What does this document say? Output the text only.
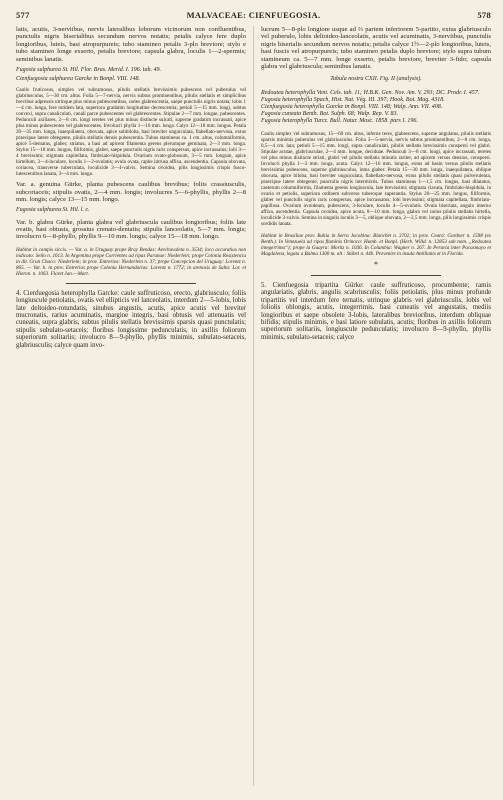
MALVACEAE: CIENFUEGOSIA.
577	578

latis, acutis, 3-nerviibus, nervis lateralibus loborum vicinorum non confluentibus, punctulis nigris biserialibus secundum nervos notatis; petalis calyce fere duplo longioribus, luteis, basi atropurpureis; tubo stamineo petalis 3-plo breviore; stylo e tubo stamineo longe exserto, petalis breviore; capsula glabra, loculis 1—2-spermis; seminibus lanatis.

Fugosia sulphurea St. Hil. Flor. Bras. Merid. I. 196. tab. 49.

Cienfuegosia sulphurea Garcke in Bonpl. VIII. 148.

Caulis fruticosus, simplex vel subramosus, pilulis stellatis brevissimis pubescens vel puberulus vel glabriusculus, 5—30 cm. altus. Folia 5—7-nervia, nervis subtus prominentibus, pilulis stellatis et simplicibus brevibus adpressis utrinque plus minus pubescentibus, raries glabrescentia, saepe punctulis nigris notata; lobis 1—4 cm. longa, fere totidem lata, superiora gradatim longitudine decrescentia; petioli 5—15 mm. longi, subtus convexi, supra canaliculati, canali parce pubescentes vel glabrescentes. Stipulae 2—7 mm. longae, pubescentes. Pedunculi axillares, 2—8 cm. longi teretes vel plus minus distincte sulcati, superne gradatim incrassati, apice plus minus pubescentes vel glabrescentes. Involucri phylla 1—10 mm. longa. Calyx 12—18 mm. longus. Petala 20—35 mm. longa, inaequilatera, obovata, apice subbiloba, basi breviter unguiculata, flabellato-nervosa, extus praecipue latere obtegente, pilulis stellatis densis pubescentia. Tubus stamineus ca. 1 cm. altus, columniformis, apice 5-dentatus, glaber, striatus, a basi ad apicem filamenta gerens plerumque geminata, 2—3 mm. longa. Stylus 15—18 mm. longus, filiformis, glaber, saepe punctulis nigris raris conspersus, apice incrassatus; lobi 3—4 brevissimi; stigmata capitellata, fimbriato-hispidula. Ovarium ovato-globosum, 3—5 mm. longum, apice hirtellum, 3—4-loculare, loculis 1—2-ovulatis; ovula ovata, raphe intrusa affixa, ascendentia. Capsula obovata, coriacea, transverse tuberculata, loculicide 3—4-valvis. Semina ovoidea, pilis longissimis crispis fusco-lutescentibus lanata, 3—4 mm. longa.

Var. a. genuina Gürke, planta pubescens caulibus brevibus; foliis crassiusculis, subcoriaceis; stipulis ovatis, 2—4 mm. longis; involucres 5—6-phyllis, phyllis 2—8 mm. longis; calyce 13—15 mm. longo.

Fugosia sulphurea St. Hil. l. c.

Var. b. glabra Gürke, planta glabra vel glabriuscula caulibus longioribus; foliis late ovatis, basi obtusis, grossius crenato-dentatis; stipulis lanceolatis, 5—7 mm. longis; involucro 6—8-phyllo, phyllis 9—10 mm. longis; calyce 15—18 mm. longo.

Habitat in campis siccis. — Var. a. in Uruguay prope Bray Bendas: Arechavaleta n. 3534; loco accuratius non indicato: Sello n. 1613. In Argentina prope Corrientes ad ripas Paranae: Niederlein; prope Colonia Resistencia in dit. Gran Chaco: Niederlein; in prov. Entrerios: Niederlein n. 37; prope Concepcion del Uruguay: Lorentz n. 865. — Var. b. in prov. Entrerios prope Colonia Hernandarias: Lorentz n. 1772; in arenosis de Salta: Lor. et Hieron. n. 1063. Floret Jan.—Mart.

4. Cienfuegosia heterophylla Garcke: caule suffruticoso, erecto, glabriusculo; foliis longiuscule petiolatis, ovatis vel ellipticis vel lanceolatis, interdum 2—5-lobis, lobis late deltoideo-rotundatis, sinubus angustis, acutis, apice acutis vel breviter mucronatis, rarius acuminatis, margine integris, basi obtusis vel attenuatis vel cuneatis, supra glabris, subtus pilulis stellatis brevissimis sparsis quasi punctulatis; stipulis subulato-setaceis; floribus longissime pedunculatis, in axillis foliorum superiorum solitariis; involucro 8—9-phyllo, phyllis minimis, subulato-setaceis, glabriusculis; calyce quam invo-

lucrum 5—8-plo longiore usque ad ⅔ partem inferiorem 5-partito, extus glabriusculo vel puberulo, lobis deltoideo-lanceolatis, acutis vel acuminatis, 3-nerviibus, punctulis nigris biserialis secundum nervos notatis; petalis calyce 1½—2-plo longioribus, luteis, basi fuscis vel atropurpureis; tubo stamineo petalis duplo breviore; stylo supra tubum stamineum ca. 5—7 mm. longe exserto, petalis breviore, breviter 3-fido; capsula glabra vel glabriuscula; seminibus lanatis.

Tabula nostra CXII. Fig. II (analysis).

Redoutea heterophylla Vent. Cels. tab. 11; H.B.K. Gen. Nov. Am. V. 293; DC. Prodr. I. 457.
Fugosia heterophylla Spach, Hist. Nat. Vég. III. 397; Hook. Bot. Mag. 4318.
Cienfuegosia heterophylla Garcke in Bonpl. VIII. 148; Walp. Ann. VII. 408.
Fugosia cuneata Benth. Bot. Sulph. 68; Walp. Rep. V. 83.
Fugosia heterophylla Turcz. Bull. Natur. Mosc. 1858. pars I. 196.

Caulis simplex vel subramosus, 15—60 cm. altus, inferne teres, glabrescens, superne angulatus, pilulis stellatis sparsis minimis puberulus vel glabriusculus. Folia 3—5-nervia, nervis subtus prominentibus, 2—8 cm. longa, 0,5—4 cm. lata; petioli 5—15 mm. longi, supra canaliculati, pilulis stellatis brevissimis conspersi vel glabri. Stipulae acutae, glabriusculae, 2—4 mm. longae, deciduae. Pedunculi 3—8 cm. longi, apice incrassati, teretes vel plus minus distincte striati, glabri vel pilulis stellatis minutis rariter, ad apicem versus densius, conspersi. Involucri phylla 1—3 mm. longa, acuta. Calyx 12—16 mm. longus, extus ad basin versus pilulis stellatis brevissimis pubescens, superne glabriusculus, intus glaber. Petala 15—30 mm. longa, inaequilatera, oblique obovata, apice biloba, basi breviter unguiculata, flabellato-nervosa, extus pilulis stellatis quasi pulverulenta, praecipue latere obtegente, punctulis nigris intermixtis. Tubus stamineus 1—1,5 cm. longus, basi dilatatus, caeterum columniformis, filamenta gerens longiuscula, late brevissimi; stigmata clavata, fimbriato-hispidula, in ovario et petiolis, superiora ordinem subverso tuberoque superantia. Stylus 20—25 mm. longus, filiformis, glaber vel punctulis nigris raris conspersus, apice incrassatus; lobi brevissimi; stigmata capitellata, fimbriato-papillosa. Ovarium ovoideum, pubescens, 3-loculare, loculis 4—5-ovulatis. Ovula biseriata, angulo interno affixa, ascendentia. Capsula ovoidea, apice acuta, 8—10 mm. longa, glabra vel rarius pilulis stellatis hirtella, loculicide 3-valvis. Semina in singulis loculis 3—5, oblique obovata, 2—2,5 mm. longa, pilis longissimis crispis sordidis lanata.

Habitat in Brasiliae prov. Bahia in Serra Jacobina: Blanchet n. 3702; in prov. Ceará: Gardner n. 1598 (ex Benth.). In Venezuela ad ripas fluminis Orinoco: Humb. et Bonpl. (Herb. Willd. n. 12853 sub nom. „Redoutea integerrima“); prope la Guayra: Moritz n. 1036. In Columbia: Wagner n. 267. In Peruvia inter Pacasmayo et Magdalena, legata a Balma 1300 m. alt.: Stübel n. 44b. Provenire in insula Antillanis et in Florida.

*

5. Cienfuegosia tripartita Gürke: caule suffruticoso, procumbente; ramis angulariatis, glabris, angulis scabriusculis; foliis petiolatis, plus minus profunde tripartitis vel interdum fere ternatis, utrinque glabris vel glabriusculis, lobis vel foliolis oblongis, acutis, integerrimis, basi cuneatis vel angustatis, mediis longioribus et saepe obsolete 3-lobis, lateralibus brevioribus, interdum obliquae bifidis; stipulis minimis, e basi latiore subulatis, acutis; floribus in axillis foliorum superiorum solitariis, longiuscule pedunculatis; involucro 8—9-phyllo, phyllis minimis, subulato-setaceis; calyce
